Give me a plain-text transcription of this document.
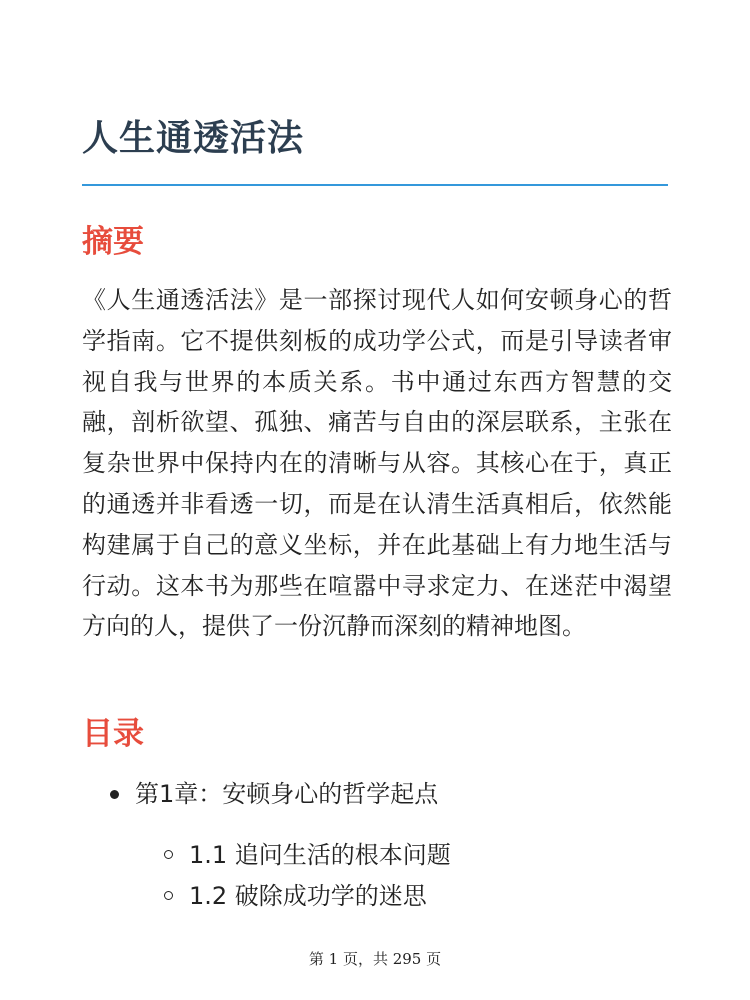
人生通透活法
摘要

《人生通透活法》是一部探讨现代人如何安顿身心的哲学指南。它不提供刻板的成功学公式，而是引导读者审视自我与世界的本质关系。书中通过东西方智慧的交融，剖析欲望、孤独、痛苦与自由的深层联系，主张在复杂世界中保持内在的清晰与从容。其核心在于，真正的通透并非看透一切，而是在认清生活真相后，依然能构建属于自己的意义坐标，并在此基础上有力地生活与行动。这本书为那些在喧嚣中寻求定力、在迷茫中渴望方向的人，提供了一份沉静而深刻的精神地图。

目录
第1章：安顿身心的哲学起点
1.1 追问生活的根本问题
1.2 破除成功学的迷思
第 1 页，共 295 页
